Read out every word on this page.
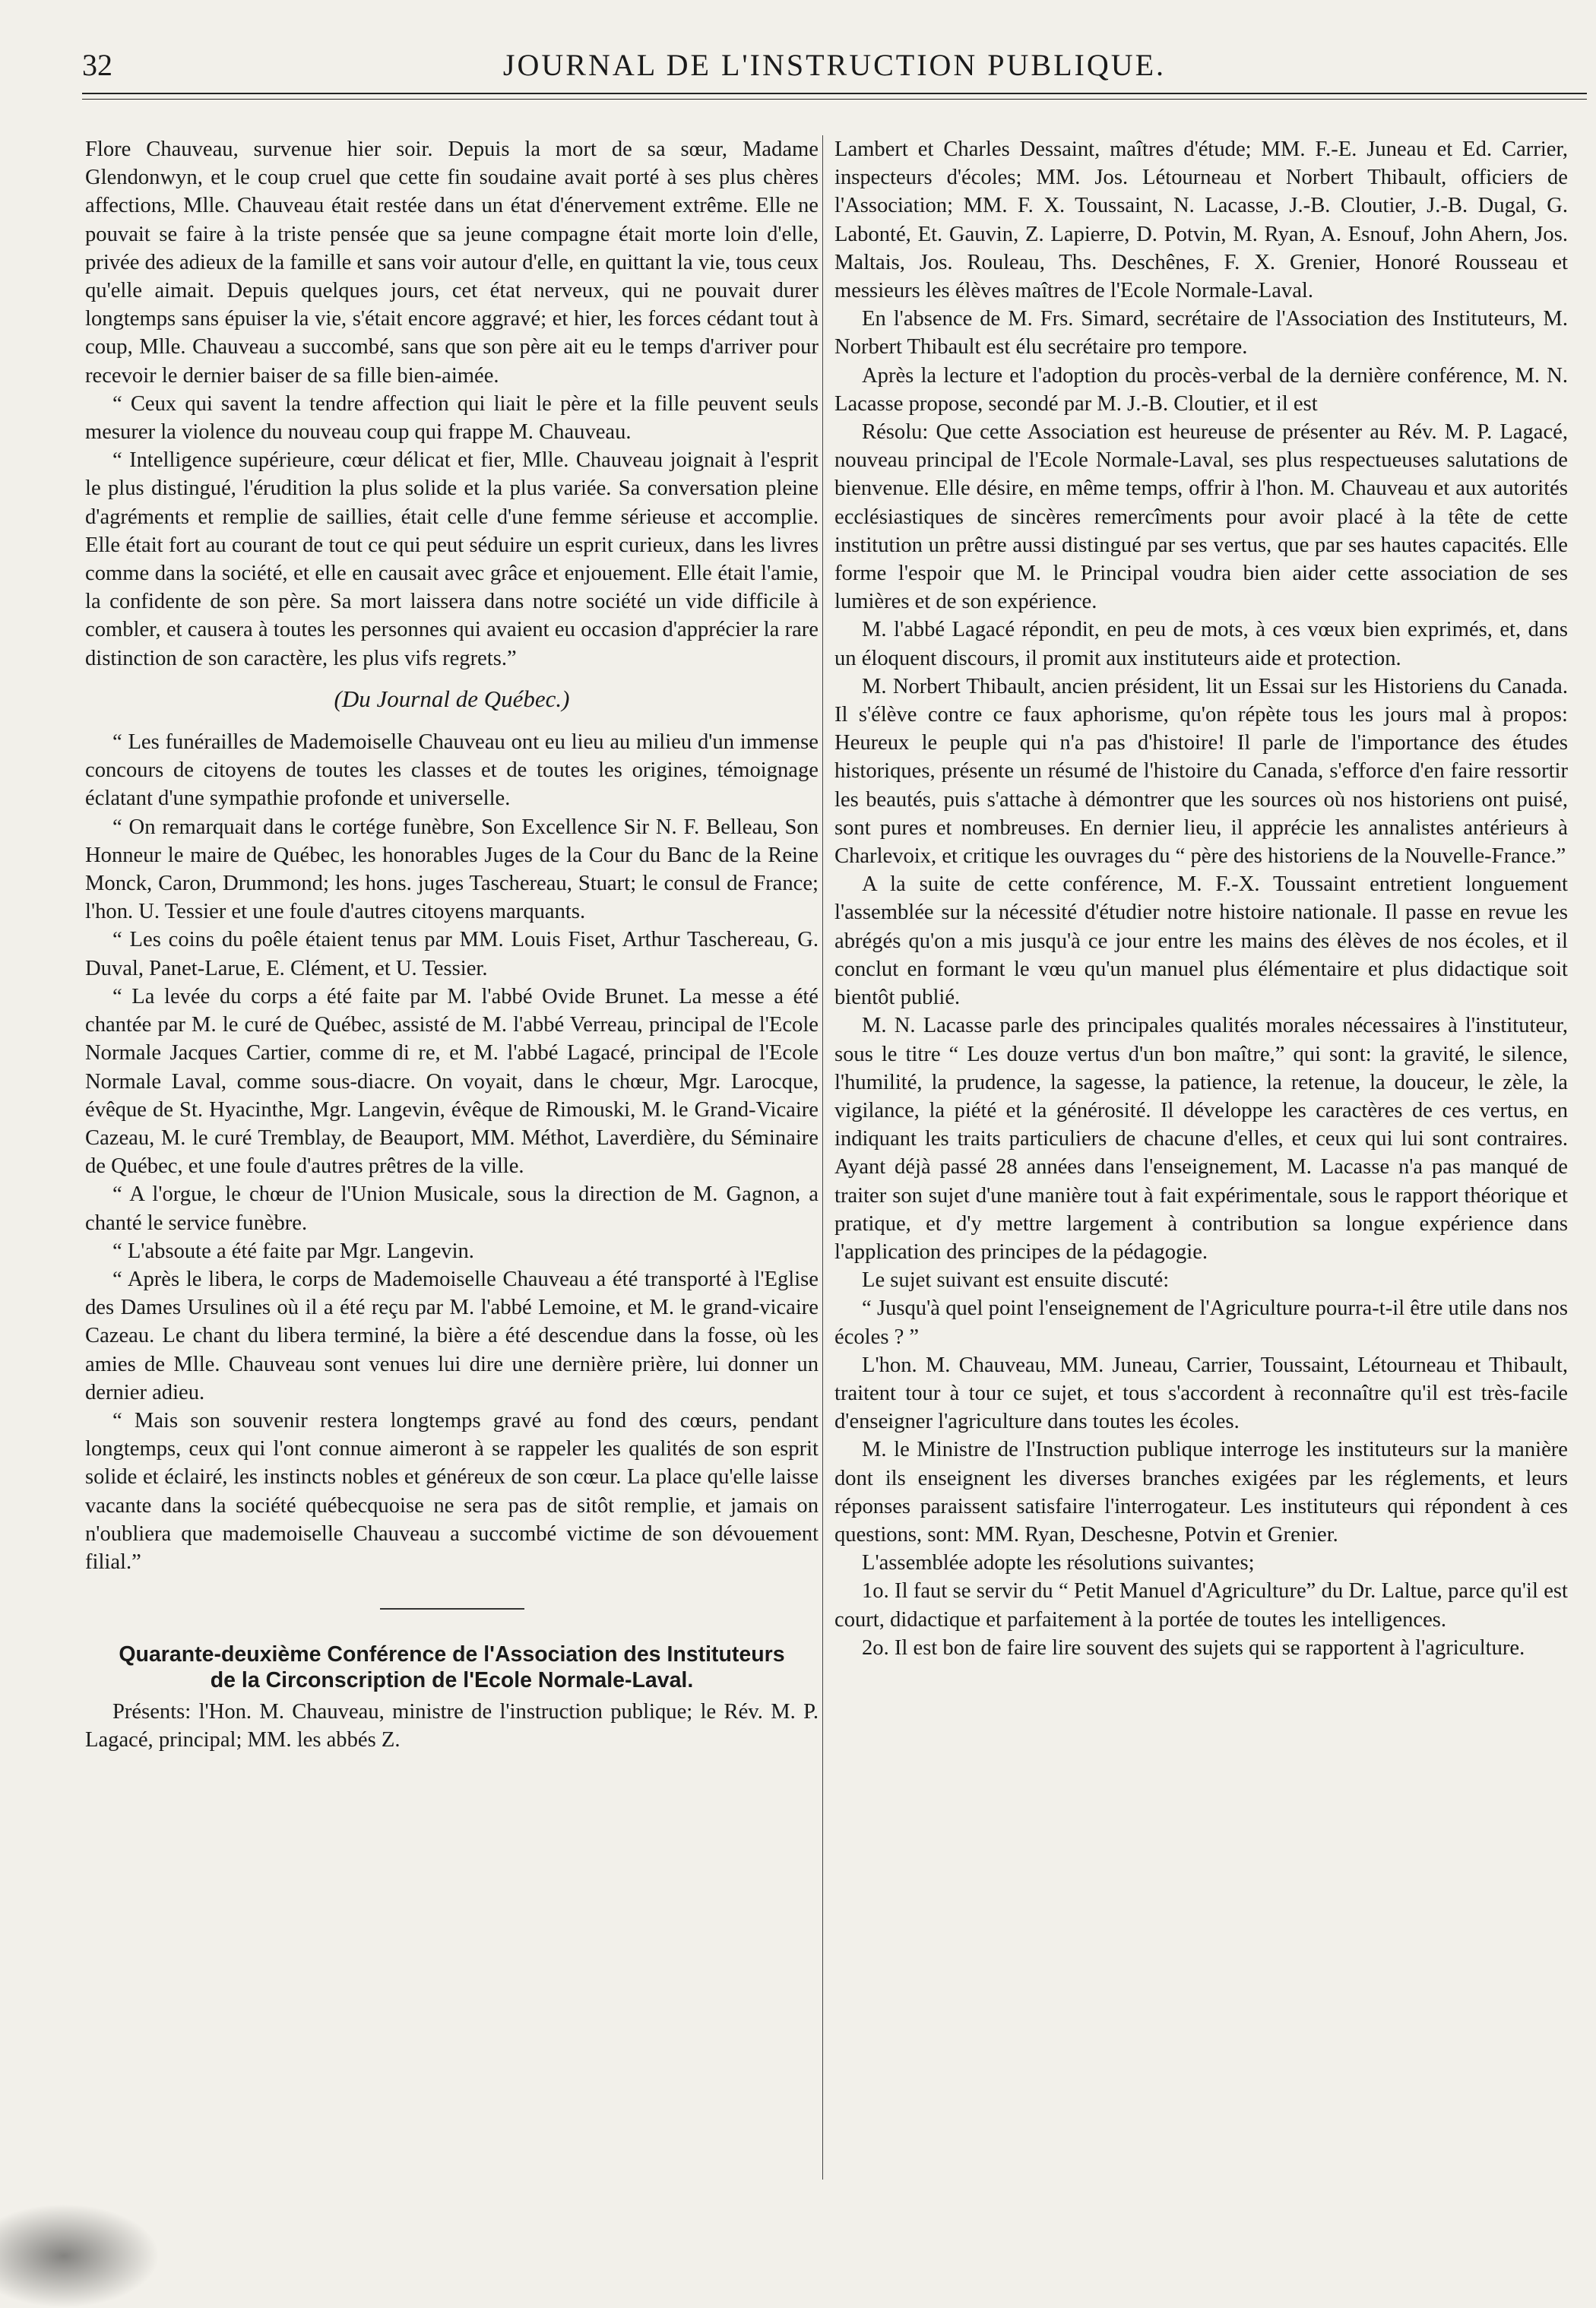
32	JOURNAL DE L'INSTRUCTION PUBLIQUE.

Flore Chauveau, survenue hier soir. Depuis la mort de sa sœur, Madame Glendonwyn, et le coup cruel que cette fin soudaine avait porté à ses plus chères affections, Mlle. Chauveau était restée dans un état d'énervement extrême. Elle ne pouvait se faire à la triste pensée que sa jeune compagne était morte loin d'elle, privée des adieux de la famille et sans voir autour d'elle, en quittant la vie, tous ceux qu'elle aimait. Depuis quelques jours, cet état nerveux, qui ne pouvait durer longtemps sans épuiser la vie, s'était encore aggravé; et hier, les forces cédant tout à coup, Mlle. Chauveau a succombé, sans que son père ait eu le temps d'arriver pour recevoir le dernier baiser de sa fille bien-aimée.

“ Ceux qui savent la tendre affection qui liait le père et la fille peuvent seuls mesurer la violence du nouveau coup qui frappe M. Chauveau.

“ Intelligence supérieure, cœur délicat et fier, Mlle. Chauveau joignait à l'esprit le plus distingué, l'érudition la plus solide et la plus variée. Sa conversation pleine d'agréments et remplie de saillies, était celle d'une femme sérieuse et accomplie. Elle était fort au courant de tout ce qui peut séduire un esprit curieux, dans les livres comme dans la société, et elle en causait avec grâce et enjouement. Elle était l'amie, la confidente de son père. Sa mort laissera dans notre société un vide difficile à combler, et causera à toutes les personnes qui avaient eu occasion d'apprécier la rare distinction de son caractère, les plus vifs regrets.”

(Du Journal de Québec.)

“ Les funérailles de Mademoiselle Chauveau ont eu lieu au milieu d'un immense concours de citoyens de toutes les classes et de toutes les origines, témoignage éclatant d'une sympathie profonde et universelle.

“ On remarquait dans le cortége funèbre, Son Excellence Sir N. F. Belleau, Son Honneur le maire de Québec, les honorables Juges de la Cour du Banc de la Reine Monck, Caron, Drummond; les hons. juges Taschereau, Stuart; le consul de France; l'hon. U. Tessier et une foule d'autres citoyens marquants.

“ Les coins du poêle étaient tenus par MM. Louis Fiset, Arthur Taschereau, G. Duval, Panet-Larue, E. Clément, et U. Tessier.

“ La levée du corps a été faite par M. l'abbé Ovide Brunet. La messe a été chantée par M. le curé de Québec, assisté de M. l'abbé Verreau, principal de l'Ecole Normale Jacques Cartier, comme di re, et M. l'abbé Lagacé, principal de l'Ecole Normale Laval, comme sous-diacre. On voyait, dans le chœur, Mgr. Larocque, évêque de St. Hyacinthe, Mgr. Langevin, évêque de Rimouski, M. le Grand-Vicaire Cazeau, M. le curé Tremblay, de Beauport, MM. Méthot, Laverdière, du Séminaire de Québec, et une foule d'autres prêtres de la ville.

“ A l'orgue, le chœur de l'Union Musicale, sous la direction de M. Gagnon, a chanté le service funèbre.

“ L'absoute a été faite par Mgr. Langevin.

“ Après le libera, le corps de Mademoiselle Chauveau a été transporté à l'Eglise des Dames Ursulines où il a été reçu par M. l'abbé Lemoine, et M. le grand-vicaire Cazeau. Le chant du libera terminé, la bière a été descendue dans la fosse, où les amies de Mlle. Chauveau sont venues lui dire une dernière prière, lui donner un dernier adieu.

“ Mais son souvenir restera longtemps gravé au fond des cœurs, pendant longtemps, ceux qui l'ont connue aimeront à se rappeler les qualités de son esprit solide et éclairé, les instincts nobles et généreux de son cœur. La place qu'elle laisse vacante dans la société québecquoise ne sera pas de sitôt remplie, et jamais on n'oubliera que mademoiselle Chauveau a succombé victime de son dévouement filial.”

Quarante-deuxième Conférence de l'Association des Instituteurs de la Circonscription de l'Ecole Normale-Laval.

Présents: l'Hon. M. Chauveau, ministre de l'instruction publique; le Rév. M. P. Lagacé, principal; MM. les abbés Z.

Lambert et Charles Dessaint, maîtres d'étude; MM. F.-E. Juneau et Ed. Carrier, inspecteurs d'écoles; MM. Jos. Létourneau et Norbert Thibault, officiers de l'Association; MM. F. X. Toussaint, N. Lacasse, J.-B. Cloutier, J.-B. Dugal, G. Labonté, Et. Gauvin, Z. Lapierre, D. Potvin, M. Ryan, A. Esnouf, John Ahern, Jos. Maltais, Jos. Rouleau, Ths. Deschênes, F. X. Grenier, Honoré Rousseau et messieurs les élèves maîtres de l'Ecole Normale-Laval.

En l'absence de M. Frs. Simard, secrétaire de l'Association des Instituteurs, M. Norbert Thibault est élu secrétaire pro tempore.

Après la lecture et l'adoption du procès-verbal de la dernière conférence, M. N. Lacasse propose, secondé par M. J.-B. Cloutier, et il est

Résolu: Que cette Association est heureuse de présenter au Rév. M. P. Lagacé, nouveau principal de l'Ecole Normale-Laval, ses plus respectueuses salutations de bienvenue. Elle désire, en même temps, offrir à l'hon. M. Chauveau et aux autorités ecclésiastiques de sincères remercîments pour avoir placé à la tête de cette institution un prêtre aussi distingué par ses vertus, que par ses hautes capacités. Elle forme l'espoir que M. le Principal voudra bien aider cette association de ses lumières et de son expérience.

M. l'abbé Lagacé répondit, en peu de mots, à ces vœux bien exprimés, et, dans un éloquent discours, il promit aux instituteurs aide et protection.

M. Norbert Thibault, ancien président, lit un Essai sur les Historiens du Canada. Il s'élève contre ce faux aphorisme, qu'on répète tous les jours mal à propos: Heureux le peuple qui n'a pas d'histoire! Il parle de l'importance des études historiques, présente un résumé de l'histoire du Canada, s'efforce d'en faire ressortir les beautés, puis s'attache à démontrer que les sources où nos historiens ont puisé, sont pures et nombreuses. En dernier lieu, il apprécie les annalistes antérieurs à Charlevoix, et critique les ouvrages du “ père des historiens de la Nouvelle-France.”

A la suite de cette conférence, M. F.-X. Toussaint entretient longuement l'assemblée sur la nécessité d'étudier notre histoire nationale. Il passe en revue les abrégés qu'on a mis jusqu'à ce jour entre les mains des élèves de nos écoles, et il conclut en formant le vœu qu'un manuel plus élémentaire et plus didactique soit bientôt publié.

M. N. Lacasse parle des principales qualités morales nécessaires à l'instituteur, sous le titre “ Les douze vertus d'un bon maître,” qui sont: la gravité, le silence, l'humilité, la prudence, la sagesse, la patience, la retenue, la douceur, le zèle, la vigilance, la piété et la générosité. Il développe les caractères de ces vertus, en indiquant les traits particuliers de chacune d'elles, et ceux qui lui sont contraires. Ayant déjà passé 28 années dans l'enseignement, M. Lacasse n'a pas manqué de traiter son sujet d'une manière tout à fait expérimentale, sous le rapport théorique et pratique, et d'y mettre largement à contribution sa longue expérience dans l'application des principes de la pédagogie.

Le sujet suivant est ensuite discuté:

“ Jusqu'à quel point l'enseignement de l'Agriculture pourra-t-il être utile dans nos écoles ? ”

L'hon. M. Chauveau, MM. Juneau, Carrier, Toussaint, Létourneau et Thibault, traitent tour à tour ce sujet, et tous s'accordent à reconnaître qu'il est très-facile d'enseigner l'agriculture dans toutes les écoles.

M. le Ministre de l'Instruction publique interroge les instituteurs sur la manière dont ils enseignent les diverses branches exigées par les réglements, et leurs réponses paraissent satisfaire l'interrogateur. Les instituteurs qui répondent à ces questions, sont: MM. Ryan, Deschesne, Potvin et Grenier.

L'assemblée adopte les résolutions suivantes;

1o. Il faut se servir du “ Petit Manuel d'Agriculture” du Dr. Laltue, parce qu'il est court, didactique et parfaitement à la portée de toutes les intelligences.

2o. Il est bon de faire lire souvent des sujets qui se rapportent à l'agriculture.
